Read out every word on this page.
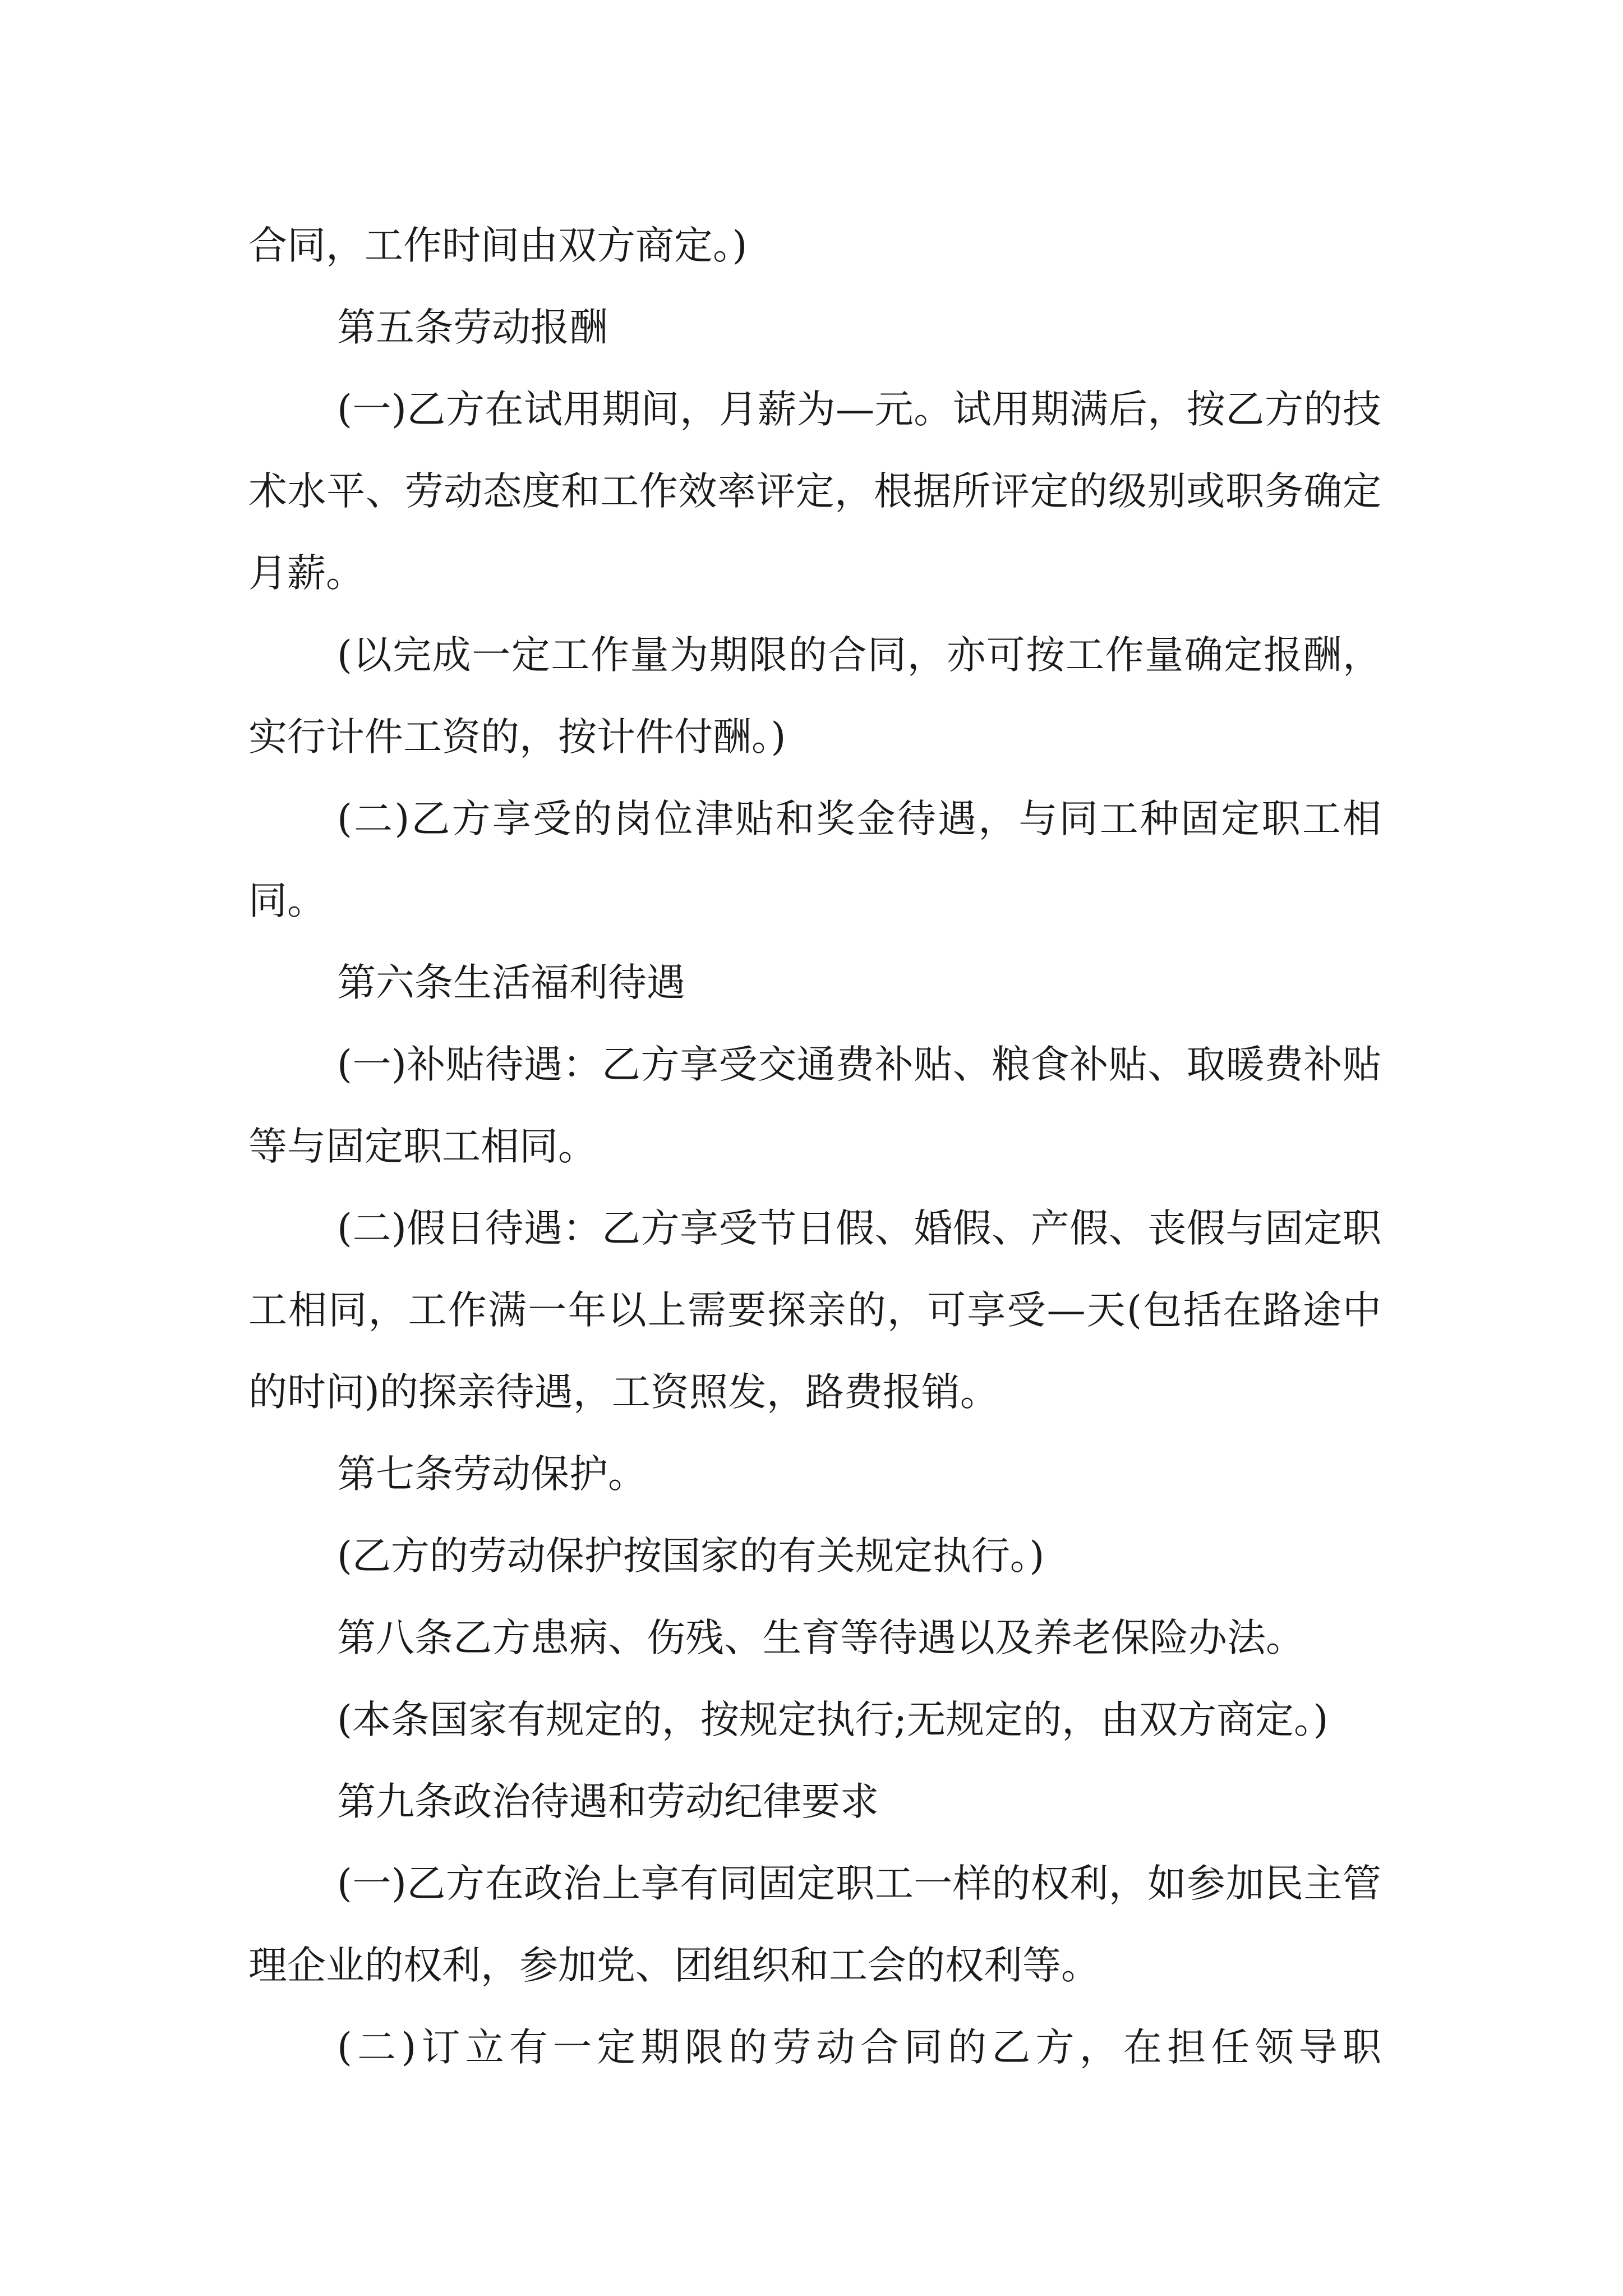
合同，工作时间由双方商定。)

第五条劳动报酬

(一)乙方在试用期间，月薪为—元。试用期满后，按乙方的技术水平、劳动态度和工作效率评定，根据所评定的级别或职务确定月薪。

(以完成一定工作量为期限的合同，亦可按工作量确定报酬，实行计件工资的，按计件付酬。)

(二)乙方享受的岗位津贴和奖金待遇，与同工种固定职工相同。

第六条生活福利待遇

(一)补贴待遇：乙方享受交通费补贴、粮食补贴、取暖费补贴等与固定职工相同。

(二)假日待遇：乙方享受节日假、婚假、产假、丧假与固定职工相同，工作满一年以上需要探亲的，可享受—天(包括在路途中的时问)的探亲待遇，工资照发，路费报销。

第七条劳动保护。

(乙方的劳动保护按国家的有关规定执行。)

第八条乙方患病、伤残、生育等待遇以及养老保险办法。

(本条国家有规定的，按规定执行;无规定的，由双方商定。)

第九条政治待遇和劳动纪律要求

(一)乙方在政治上享有同固定职工一样的权利，如参加民主管理企业的权利，参加党、团组织和工会的权利等。

(二)订立有一定期限的劳动合同的乙方，在担任领导职
